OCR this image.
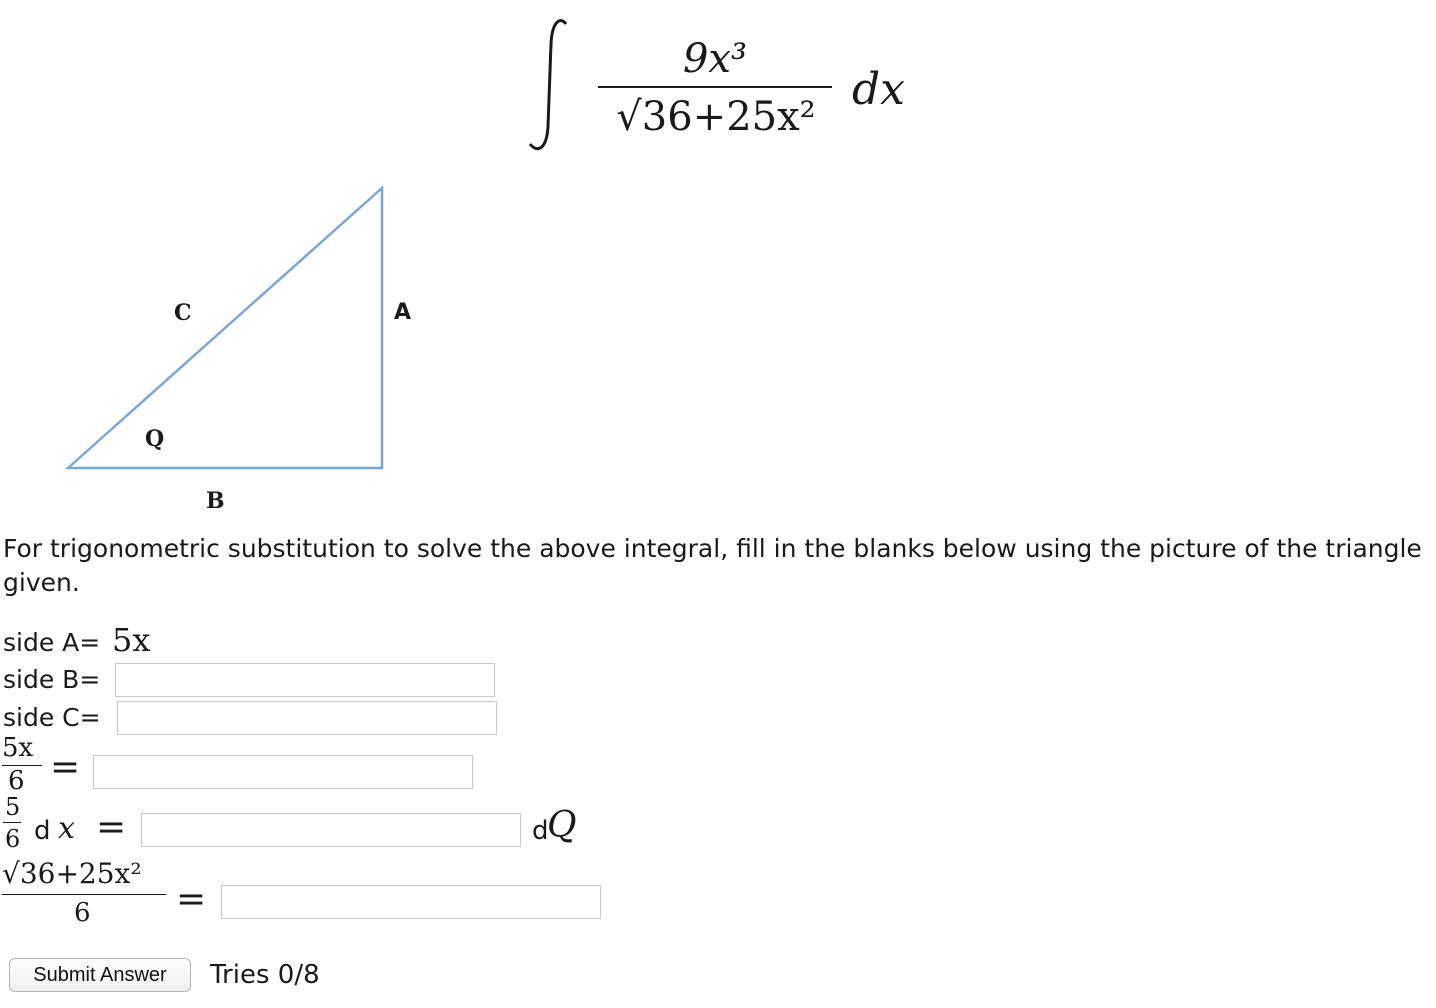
9x³
√36+25x²
dx
C	A
Q
B
For trigonometric substitution to solve the above integral, fill in the blanks below using the picture of the triangle given.
side A= 5x
side B=
side C=
5x
6 =
5
6 d x =	d
Q
√36+25x²
6 =
Submit Answer	Tries 0/8
